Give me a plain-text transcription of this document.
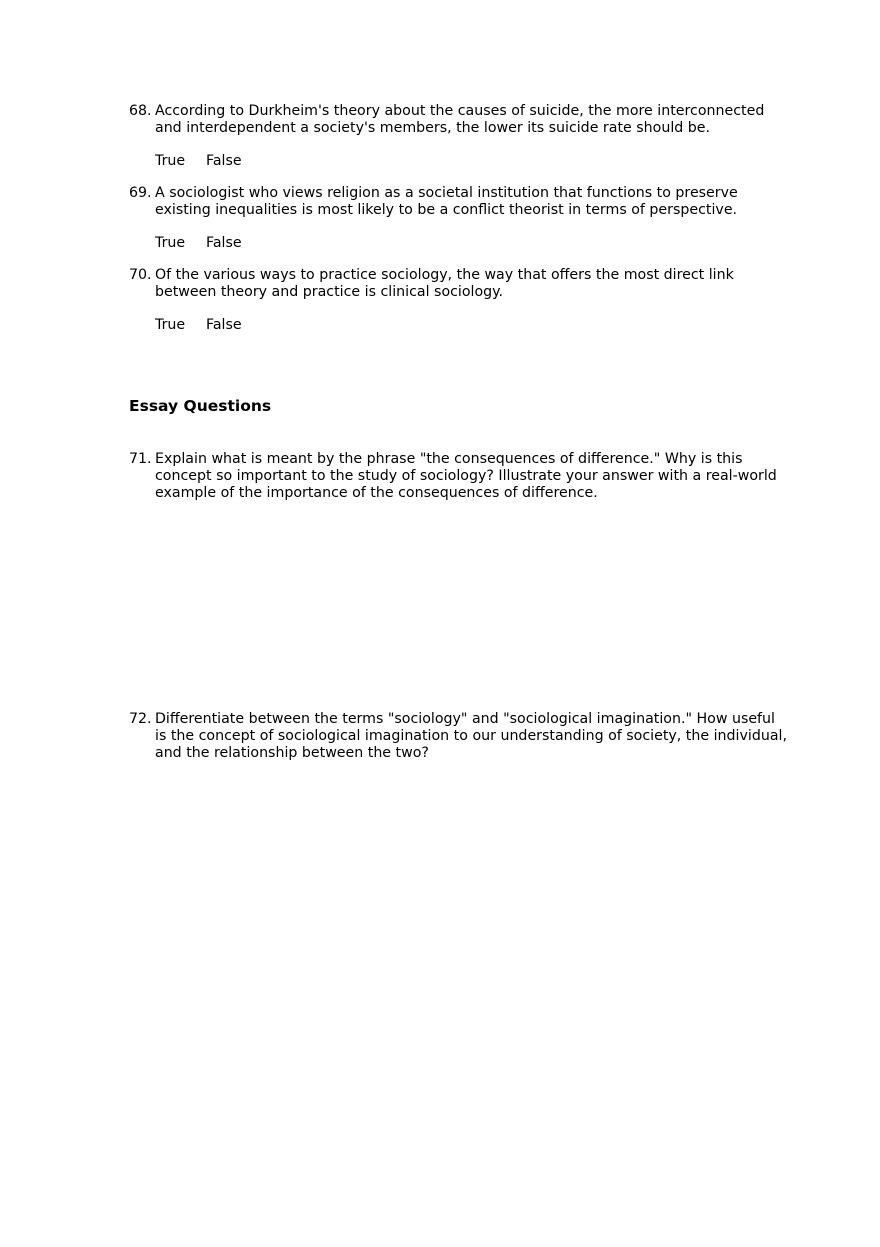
68. According to Durkheim's theory about the causes of suicide, the more interconnected and interdependent a society's members, the lower its suicide rate should be.
True	False
69. A sociologist who views religion as a societal institution that functions to preserve existing inequalities is most likely to be a conflict theorist in terms of perspective.
True	False
70. Of the various ways to practice sociology, the way that offers the most direct link between theory and practice is clinical sociology.
True	False
Essay Questions
71. Explain what is meant by the phrase "the consequences of difference." Why is this concept so important to the study of sociology? Illustrate your answer with a real-world example of the importance of the consequences of difference.
72. Differentiate between the terms "sociology" and "sociological imagination." How useful is the concept of sociological imagination to our understanding of society, the individual, and the relationship between the two?
